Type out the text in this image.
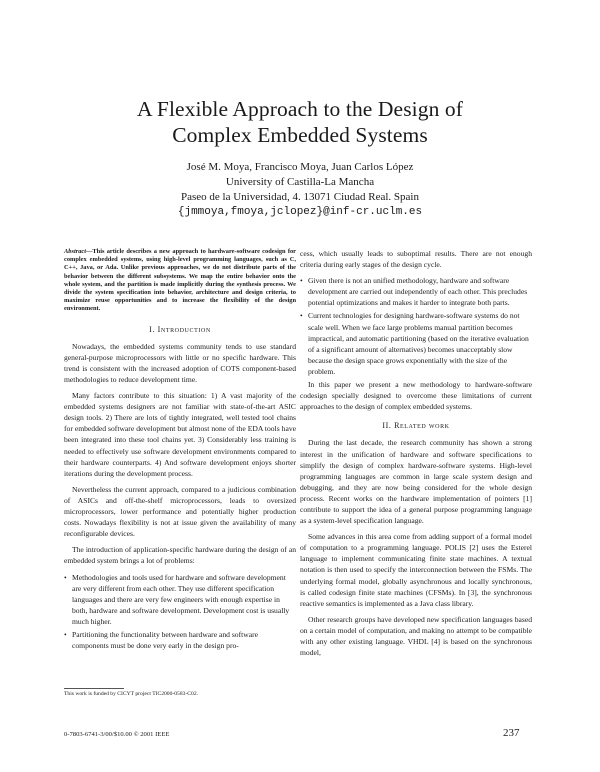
A Flexible Approach to the Design of
Complex Embedded Systems
José M. Moya, Francisco Moya, Juan Carlos López
University of Castilla-La Mancha
Paseo de la Universidad, 4. 13071 Ciudad Real. Spain
{jmmoya,fmoya,jclopez}@inf-cr.uclm.es
Abstract—This article describes a new approach to hardware-software codesign for complex embedded systems, using high-level programming languages, such as C, C++, Java, or Ada. Unlike previous approaches, we do not distribute parts of the behavior between the different subsystems. We map the entire behavior onto the whole system, and the partition is made implicitly during the synthesis process. We divide the system specification into behavior, architecture and design criteria, to maximize reuse opportunities and to increase the flexibility of the design environment.
I. Introduction

Nowadays, the embedded systems community tends to use standard general-purpose microprocessors with little or no specific hardware. This trend is consistent with the increased adoption of COTS component-based methodologies to reduce development time.

Many factors contribute to this situation: 1) A vast majority of the embedded systems designers are not familiar with state-of-the-art ASIC design tools. 2) There are lots of tightly integrated, well tested tool chains for embedded software development but almost none of the EDA tools have been integrated into these tool chains yet. 3) Considerably less training is needed to effectively use software development environments compared to their hardware counterparts. 4) And software development enjoys shorter iterations during the development process.

Nevertheless the current approach, compared to a judicious combination of ASICs and off-the-shelf microprocessors, leads to oversized microprocessors, lower performance and potentially higher production costs. Nowadays flexibility is not at issue given the availability of many reconfigurable devices.

The introduction of application-specific hardware during the design of an embedded system brings a lot of problems:

• Methodologies and tools used for hardware and software development are very different from each other. They use different specification languages and there are very few engineers with enough expertise in both, hardware and software development. Development cost is usually much higher.
• Partitioning the functionality between hardware and software components must be done very early in the design pro-
This work is funded by CICYT project TIC2000-0583-C02.

cess, which usually leads to suboptimal results. There are not enough criteria during early stages of the design cycle.

• Given there is not an unified methodology, hardware and software development are carried out independently of each other. This precludes potential optimizations and makes it harder to integrate both parts.
• Current technologies for designing hardware-software systems do not scale well. When we face large problems manual partition becomes impractical, and automatic partitioning (based on the iterative evaluation of a significant amount of alternatives) becomes unacceptably slow because the design space grows exponentially with the size of the problem.

In this paper we present a new methodology to hardware-software codesign specially designed to overcome these limitations of current approaches to the design of complex embedded systems.

II. Related work

During the last decade, the research community has shown a strong interest in the unification of hardware and software specifications to simplify the design of complex hardware-software systems. High-level programming languages are common in large scale system design and debugging, and they are now being considered for the whole design process. Recent works on the hardware implementation of pointers [1] contribute to support the idea of a general purpose programming language as a system-level specification language.

Some advances in this area come from adding support of a formal model of computation to a programming language. POLIS [2] uses the Esterel language to implement communicating finite state machines. A textual notation is then used to specify the interconnection between the FSMs. The underlying formal model, globally asynchronous and locally synchronous, is called codesign finite state machines (CFSMs). In [3], the synchronous reactive semantics is implemented as a Java class library.

Other research groups have developed new specification languages based on a certain model of computation, and making no attempt to be compatible with any other existing language. VHDL [4] is based on the synchronous model,

0-7803-6741-3/00/$10.00 © 2001 IEEE	237
